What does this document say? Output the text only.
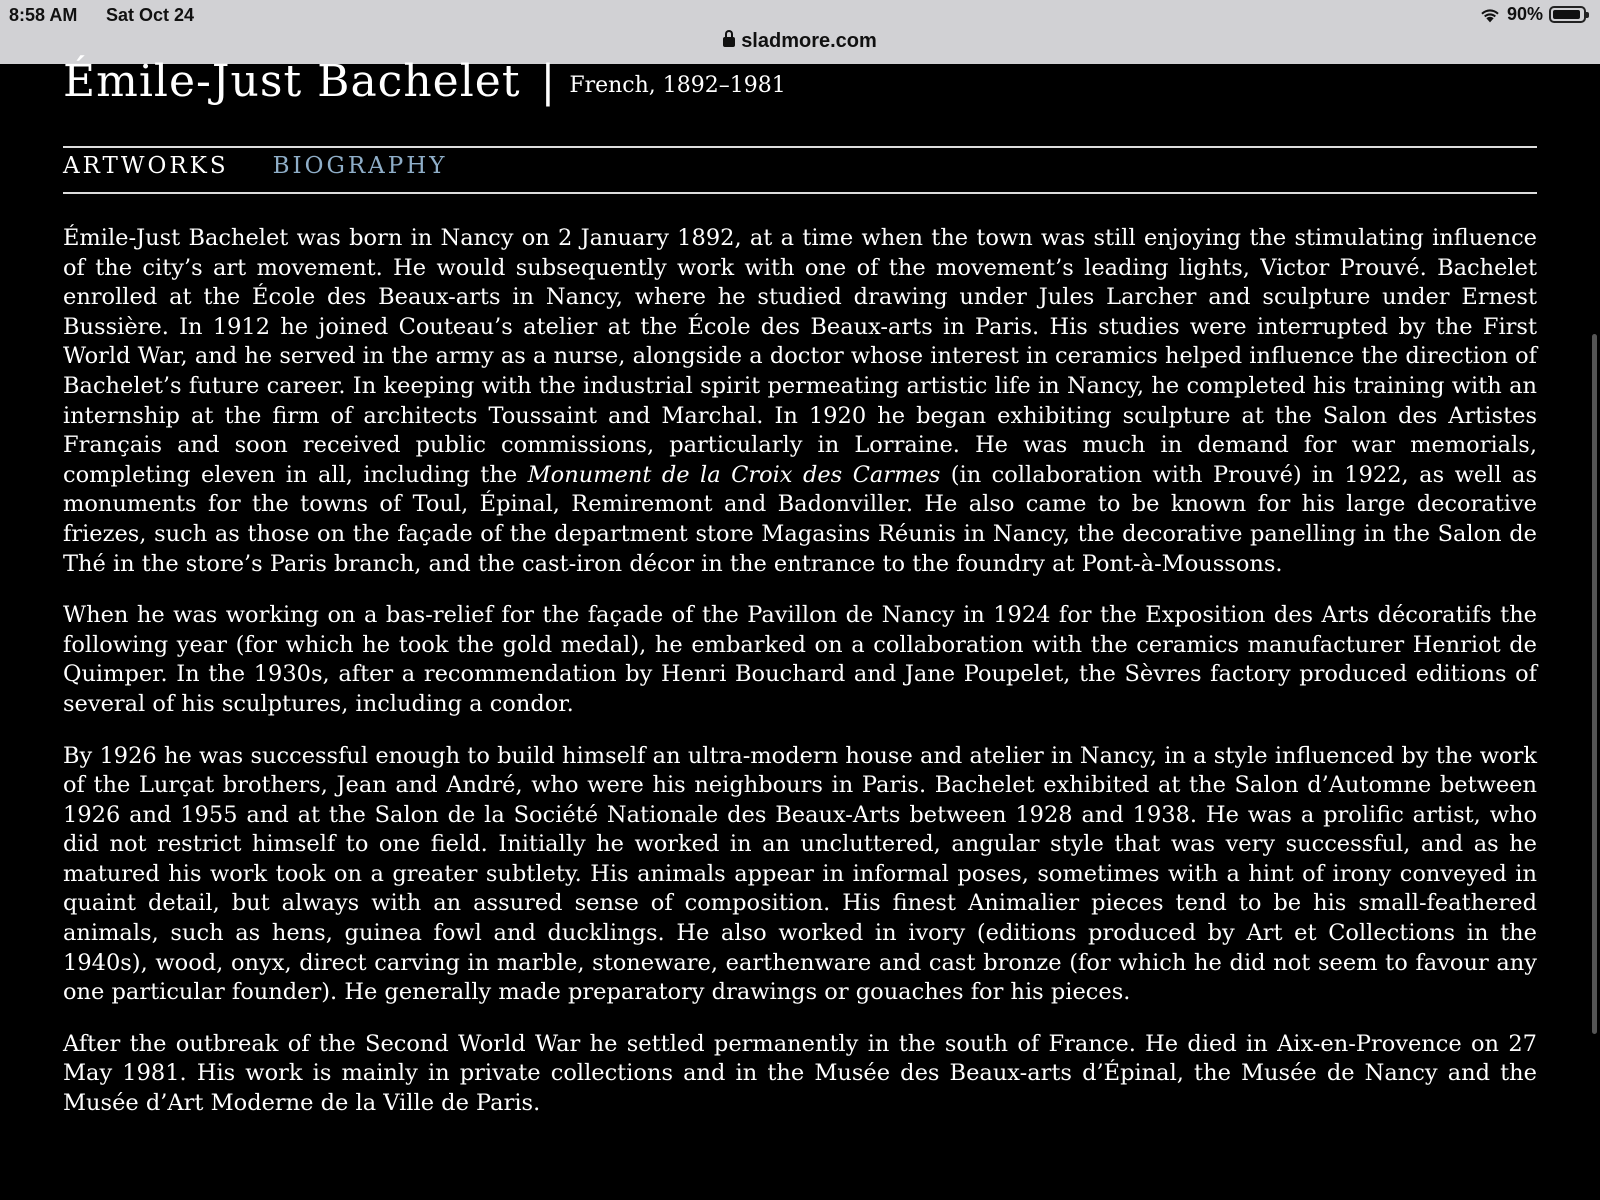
8:58 AM Sat Oct 24	90%
sladmore.com
Émile-Just Bachelet | French, 1892–1981
ARTWORKS BIOGRAPHY

Émile-Just Bachelet was born in Nancy on 2 January 1892, at a time when the town was still enjoying the stimulating influence of the city’s art movement. He would subsequently work with one of the movement’s leading lights, Victor Prouvé. Bachelet enrolled at the École des Beaux-arts in Nancy, where he studied drawing under Jules Larcher and sculpture under Ernest Bussière. In 1912 he joined Couteau’s atelier at the École des Beaux-arts in Paris. His studies were interrupted by the First World War, and he served in the army as a nurse, alongside a doctor whose interest in ceramics helped influence the direction of Bachelet’s future career. In keeping with the industrial spirit permeating artistic life in Nancy, he completed his training with an internship at the firm of architects Toussaint and Marchal. In 1920 he began exhibiting sculpture at the Salon des Artistes Français and soon received public commissions, particularly in Lorraine. He was much in demand for war memorials, completing eleven in all, including the Monument de la Croix des Carmes (in collaboration with Prouvé) in 1922, as well as monuments for the towns of Toul, Épinal, Remiremont and Badonviller. He also came to be known for his large decorative friezes, such as those on the façade of the department store Magasins Réunis in Nancy, the decorative panelling in the Salon de Thé in the store’s Paris branch, and the cast-iron décor in the entrance to the foundry at Pont-à-Moussons.

When he was working on a bas-relief for the façade of the Pavillon de Nancy in 1924 for the Exposition des Arts décoratifs the following year (for which he took the gold medal), he embarked on a collaboration with the ceramics manufacturer Henriot de Quimper. In the 1930s, after a recommendation by Henri Bouchard and Jane Poupelet, the Sèvres factory produced editions of several of his sculptures, including a condor.

By 1926 he was successful enough to build himself an ultra-modern house and atelier in Nancy, in a style influenced by the work of the Lurçat brothers, Jean and André, who were his neighbours in Paris. Bachelet exhibited at the Salon d’Automne between 1926 and 1955 and at the Salon de la Société Nationale des Beaux-Arts between 1928 and 1938. He was a prolific artist, who did not restrict himself to one field. Initially he worked in an uncluttered, angular style that was very successful, and as he matured his work took on a greater subtlety. His animals appear in informal poses, sometimes with a hint of irony conveyed in quaint detail, but always with an assured sense of composition. His finest Animalier pieces tend to be his small-feathered animals, such as hens, guinea fowl and ducklings. He also worked in ivory (editions produced by Art et Collections in the 1940s), wood, onyx, direct carving in marble, stoneware, earthenware and cast bronze (for which he did not seem to favour any one particular founder). He generally made preparatory drawings or gouaches for his pieces.

After the outbreak of the Second World War he settled permanently in the south of France. He died in Aix-en-Provence on 27 May 1981. His work is mainly in private collections and in the Musée des Beaux-arts d’Épinal, the Musée de Nancy and the Musée d’Art Moderne de la Ville de Paris.
